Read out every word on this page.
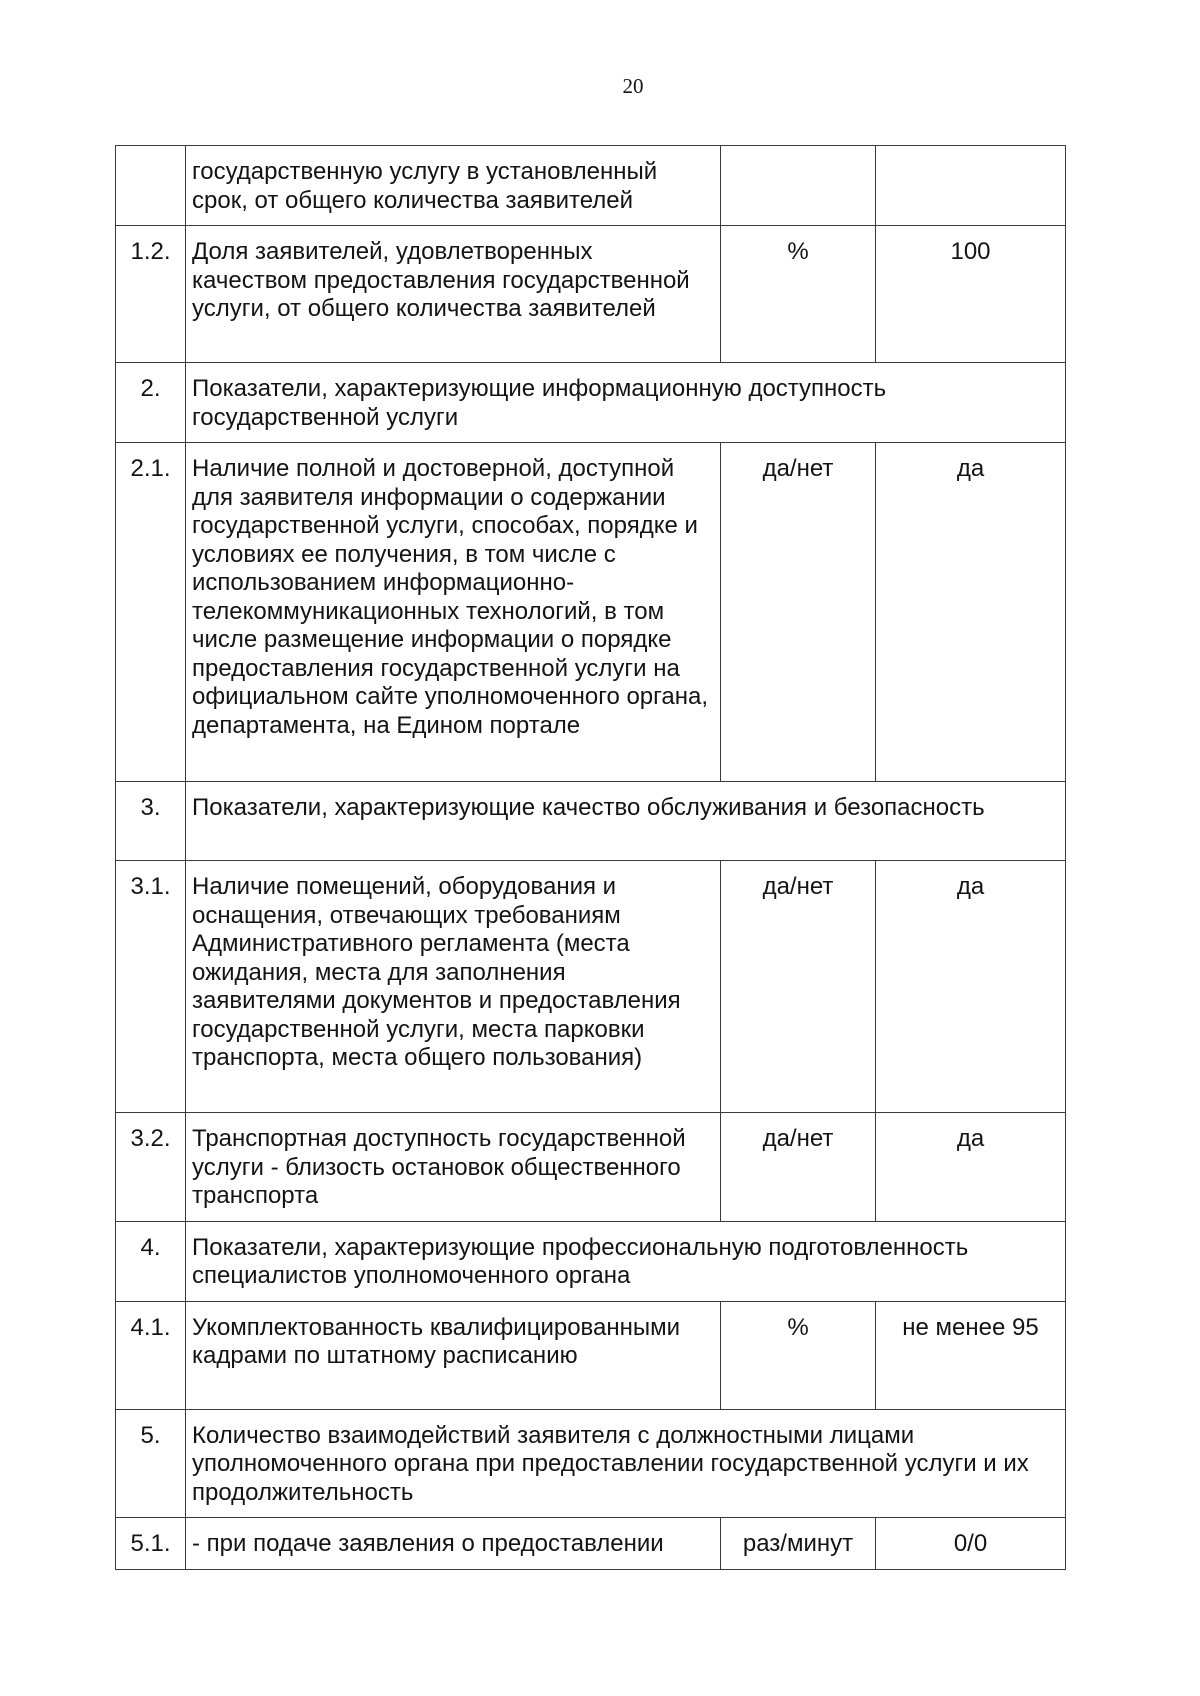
20
	государственную услугу в установленный срок, от общего количества заявителей		
1.2.	Доля заявителей, удовлетворенных качеством предоставления государственной услуги, от общего количества заявителей	%	100
2.	Показатели, характеризующие информационную доступность государственной услуги		
2.1.	Наличие полной и достоверной, доступной для заявителя информации о содержании государственной услуги, способах, порядке и условиях ее получения, в том числе с использованием информационно-телекоммуникационных технологий, в том числе размещение информации о порядке предоставления государственной услуги на официальном сайте уполномоченного органа, департамента, на Едином портале	да/нет	да
3.	Показатели, характеризующие качество обслуживания и безопасность		
3.1.	Наличие помещений, оборудования и оснащения, отвечающих требованиям Административного регламента (места ожидания, места для заполнения заявителями документов и предоставления государственной услуги, места парковки транспорта, места общего пользования)	да/нет	да
3.2.	Транспортная доступность государственной услуги - близость остановок общественного транспорта	да/нет	да
4.	Показатели, характеризующие профессиональную подготовленность специалистов уполномоченного органа		
4.1.	Укомплектованность квалифицированными кадрами по штатному расписанию	%	не менее 95
5.	Количество взаимодействий заявителя с должностными лицами уполномоченного органа при предоставлении государственной услуги и их продолжительность		
5.1.	- при подаче заявления о предоставлении	раз/минут	0/0
